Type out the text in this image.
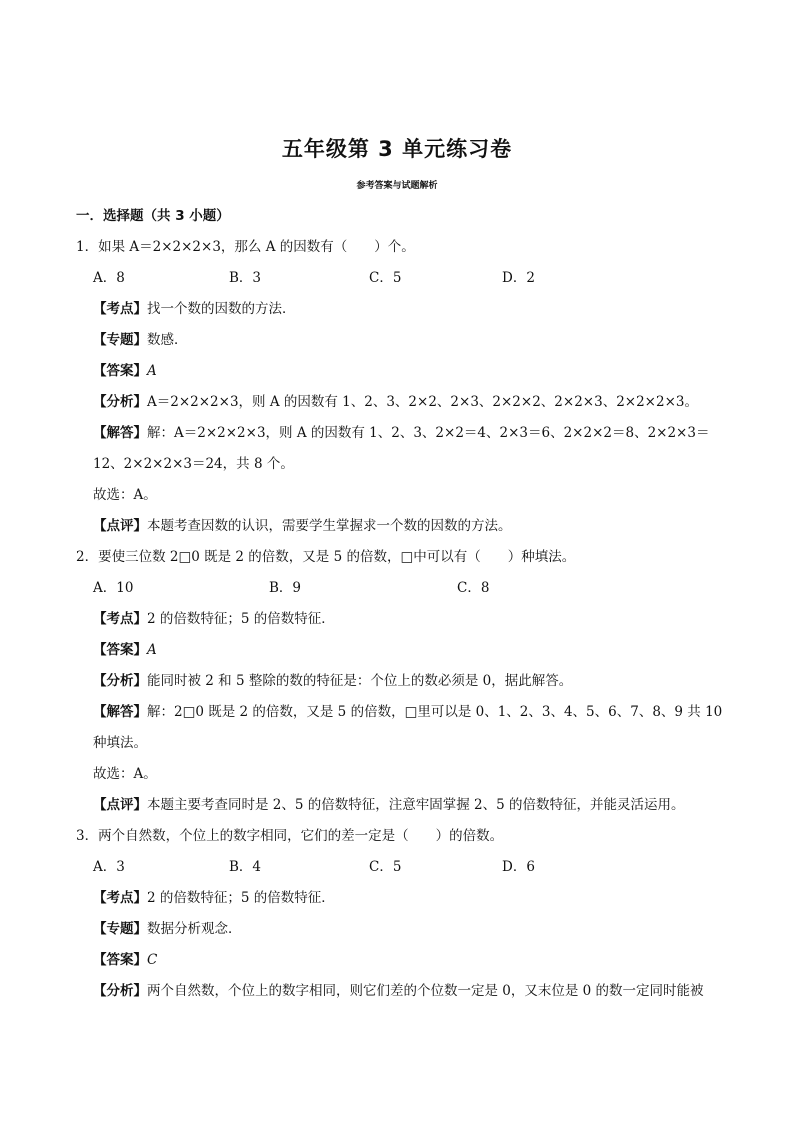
五年级第 3 单元练习卷
参考答案与试题解析
一．选择题（共 3 小题）
1．如果 A＝2×2×2×3，那么 A 的因数有（　　）个。
A．8	B．3	C．5	D．2
【考点】找一个数的因数的方法．
【专题】数感．
【答案】A
【分析】A＝2×2×2×3，则 A 的因数有 1、2、3、2×2、2×3、2×2×2、2×2×3、2×2×2×3。
【解答】解：A＝2×2×2×3，则 A 的因数有 1、2、3、2×2＝4、2×3＝6、2×2×2＝8、2×2×3＝
12、2×2×2×3＝24，共 8 个。
故选：A。
【点评】本题考查因数的认识，需要学生掌握求一个数的因数的方法。
2．要使三位数 2□0 既是 2 的倍数，又是 5 的倍数，□中可以有（　　）种填法。
A．10	B．9	C．8
【考点】2 的倍数特征；5 的倍数特征．
【答案】A
【分析】能同时被 2 和 5 整除的数的特征是：个位上的数必须是 0，据此解答。
【解答】解：2□0 既是 2 的倍数，又是 5 的倍数，□里可以是 0、1、2、3、4、5、6、7、8、9 共 10
种填法。
故选：A。
【点评】本题主要考查同时是 2、5 的倍数特征，注意牢固掌握 2、5 的倍数特征，并能灵活运用。
3．两个自然数，个位上的数字相同，它们的差一定是（　　）的倍数。
A．3	B．4	C．5	D．6
【考点】2 的倍数特征；5 的倍数特征．
【专题】数据分析观念．
【答案】C
【分析】两个自然数，个位上的数字相同，则它们差的个位数一定是 0，又末位是 0 的数一定同时能被
